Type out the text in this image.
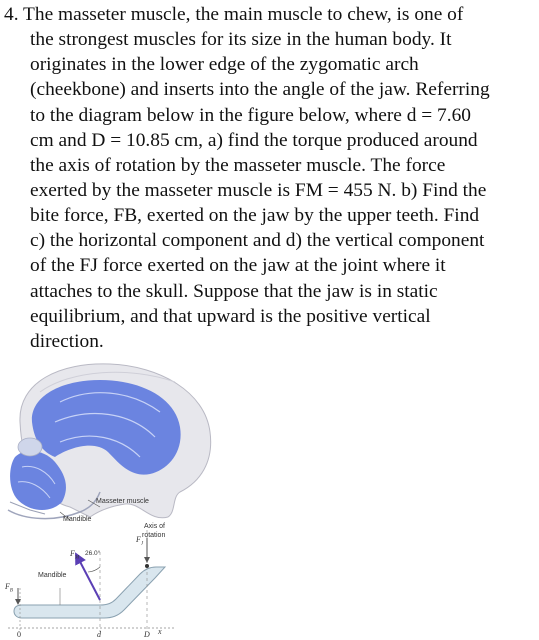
4. The masseter muscle, the main muscle to chew, is one of
the strongest muscles for its size in the human body. It
originates in the lower edge of the zygomatic arch
(cheekbone) and inserts into the angle of the jaw. Referring
to the diagram below in the figure below, where d = 7.60
cm and D = 10.85 cm, a) find the torque produced around
the axis of rotation by the masseter muscle. The force
exerted by the masseter muscle is FM = 455 N. b) Find the
bite force, FB, exerted on the jaw by the upper teeth. Find
c) the horizontal component and d) the vertical component
of the FJ force exerted on the jaw at the joint where it
attaches to the skull. Suppose that the jaw is in static
equilibrium, and that upward is the positive vertical
direction.
Masseter muscle
Mandible
Axis of
rotation
Mandible
26.0°
$F_M$
$F_J$
$F_B$
0	d	D x
